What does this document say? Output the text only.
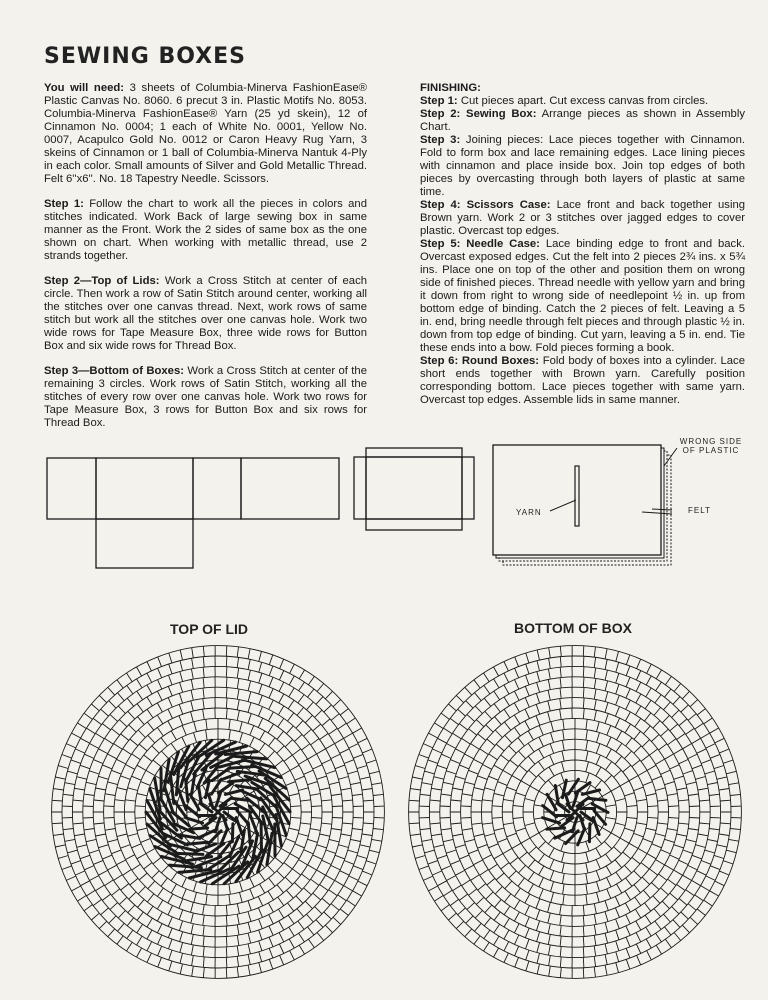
SEWING BOXES

You will need: 3 sheets of Columbia-Minerva FashionEase® Plastic Canvas No. 8060. 6 precut 3 in. Plastic Motifs No. 8053. Columbia-Minerva FashionEase® Yarn (25 yd skein), 12 of Cinnamon No. 0004; 1 each of White No. 0001, Yellow No. 0007, Acapulco Gold No. 0012 or Caron Heavy Rug Yarn, 3 skeins of Cinnamon or 1 ball of Columbia-Minerva Nantuk 4-Ply in each color. Small amounts of Silver and Gold Metallic Thread. Felt 6''x6''. No. 18 Tapestry Needle. Scissors.

Step 1: Follow the chart to work all the pieces in colors and stitches indicated. Work Back of large sewing box in same manner as the Front. Work the 2 sides of same box as the one shown on chart. When working with metallic thread, use 2 strands together.

Step 2—Top of Lids: Work a Cross Stitch at center of each circle. Then work a row of Satin Stitch around center, working all the stitches over one canvas thread. Next, work rows of same stitch but work all the stitches over one canvas hole. Work two wide rows for Tape Measure Box, three wide rows for Button Box and six wide rows for Thread Box.

Step 3—Bottom of Boxes: Work a Cross Stitch at center of the remaining 3 circles. Work rows of Satin Stitch, working all the stitches of every row over one canvas hole. Work two rows for Tape Measure Box, 3 rows for Button Box and six rows for Thread Box.

FINISHING:

Step 1: Cut pieces apart. Cut excess canvas from circles.

Step 2: Sewing Box: Arrange pieces as shown in Assembly Chart.

Step 3: Joining pieces: Lace pieces together with Cinnamon. Fold to form box and lace remaining edges. Lace lining pieces with cinnamon and place inside box. Join top edges of both pieces by overcasting through both layers of plastic at same time.

Step 4: Scissors Case: Lace front and back together using Brown yarn. Work 2 or 3 stitches over jagged edges to cover plastic. Overcast top edges.

Step 5: Needle Case: Lace binding edge to front and back. Overcast exposed edges. Cut the felt into 2 pieces 2¾ ins. x 5¾ ins. Place one on top of the other and position them on wrong side of finished pieces. Thread needle with yellow yarn and bring it down from right to wrong side of needlepoint ½ in. up from bottom edge of binding. Catch the 2 pieces of felt. Leaving a 5 in. end, bring needle through felt pieces and through plastic ½ in. down from top edge of binding. Cut yarn, leaving a 5 in. end. Tie these ends into a bow. Fold pieces forming a book.

Step 6: Round Boxes: Fold body of boxes into a cylinder. Lace short ends together with Brown yarn. Carefully position corresponding bottom. Lace pieces together with same yarn. Overcast top edges. Assemble lids in same manner.

WRONG SIDE
OF PLASTIC
YARN	FELT
TOP OF LID	BOTTOM OF BOX
